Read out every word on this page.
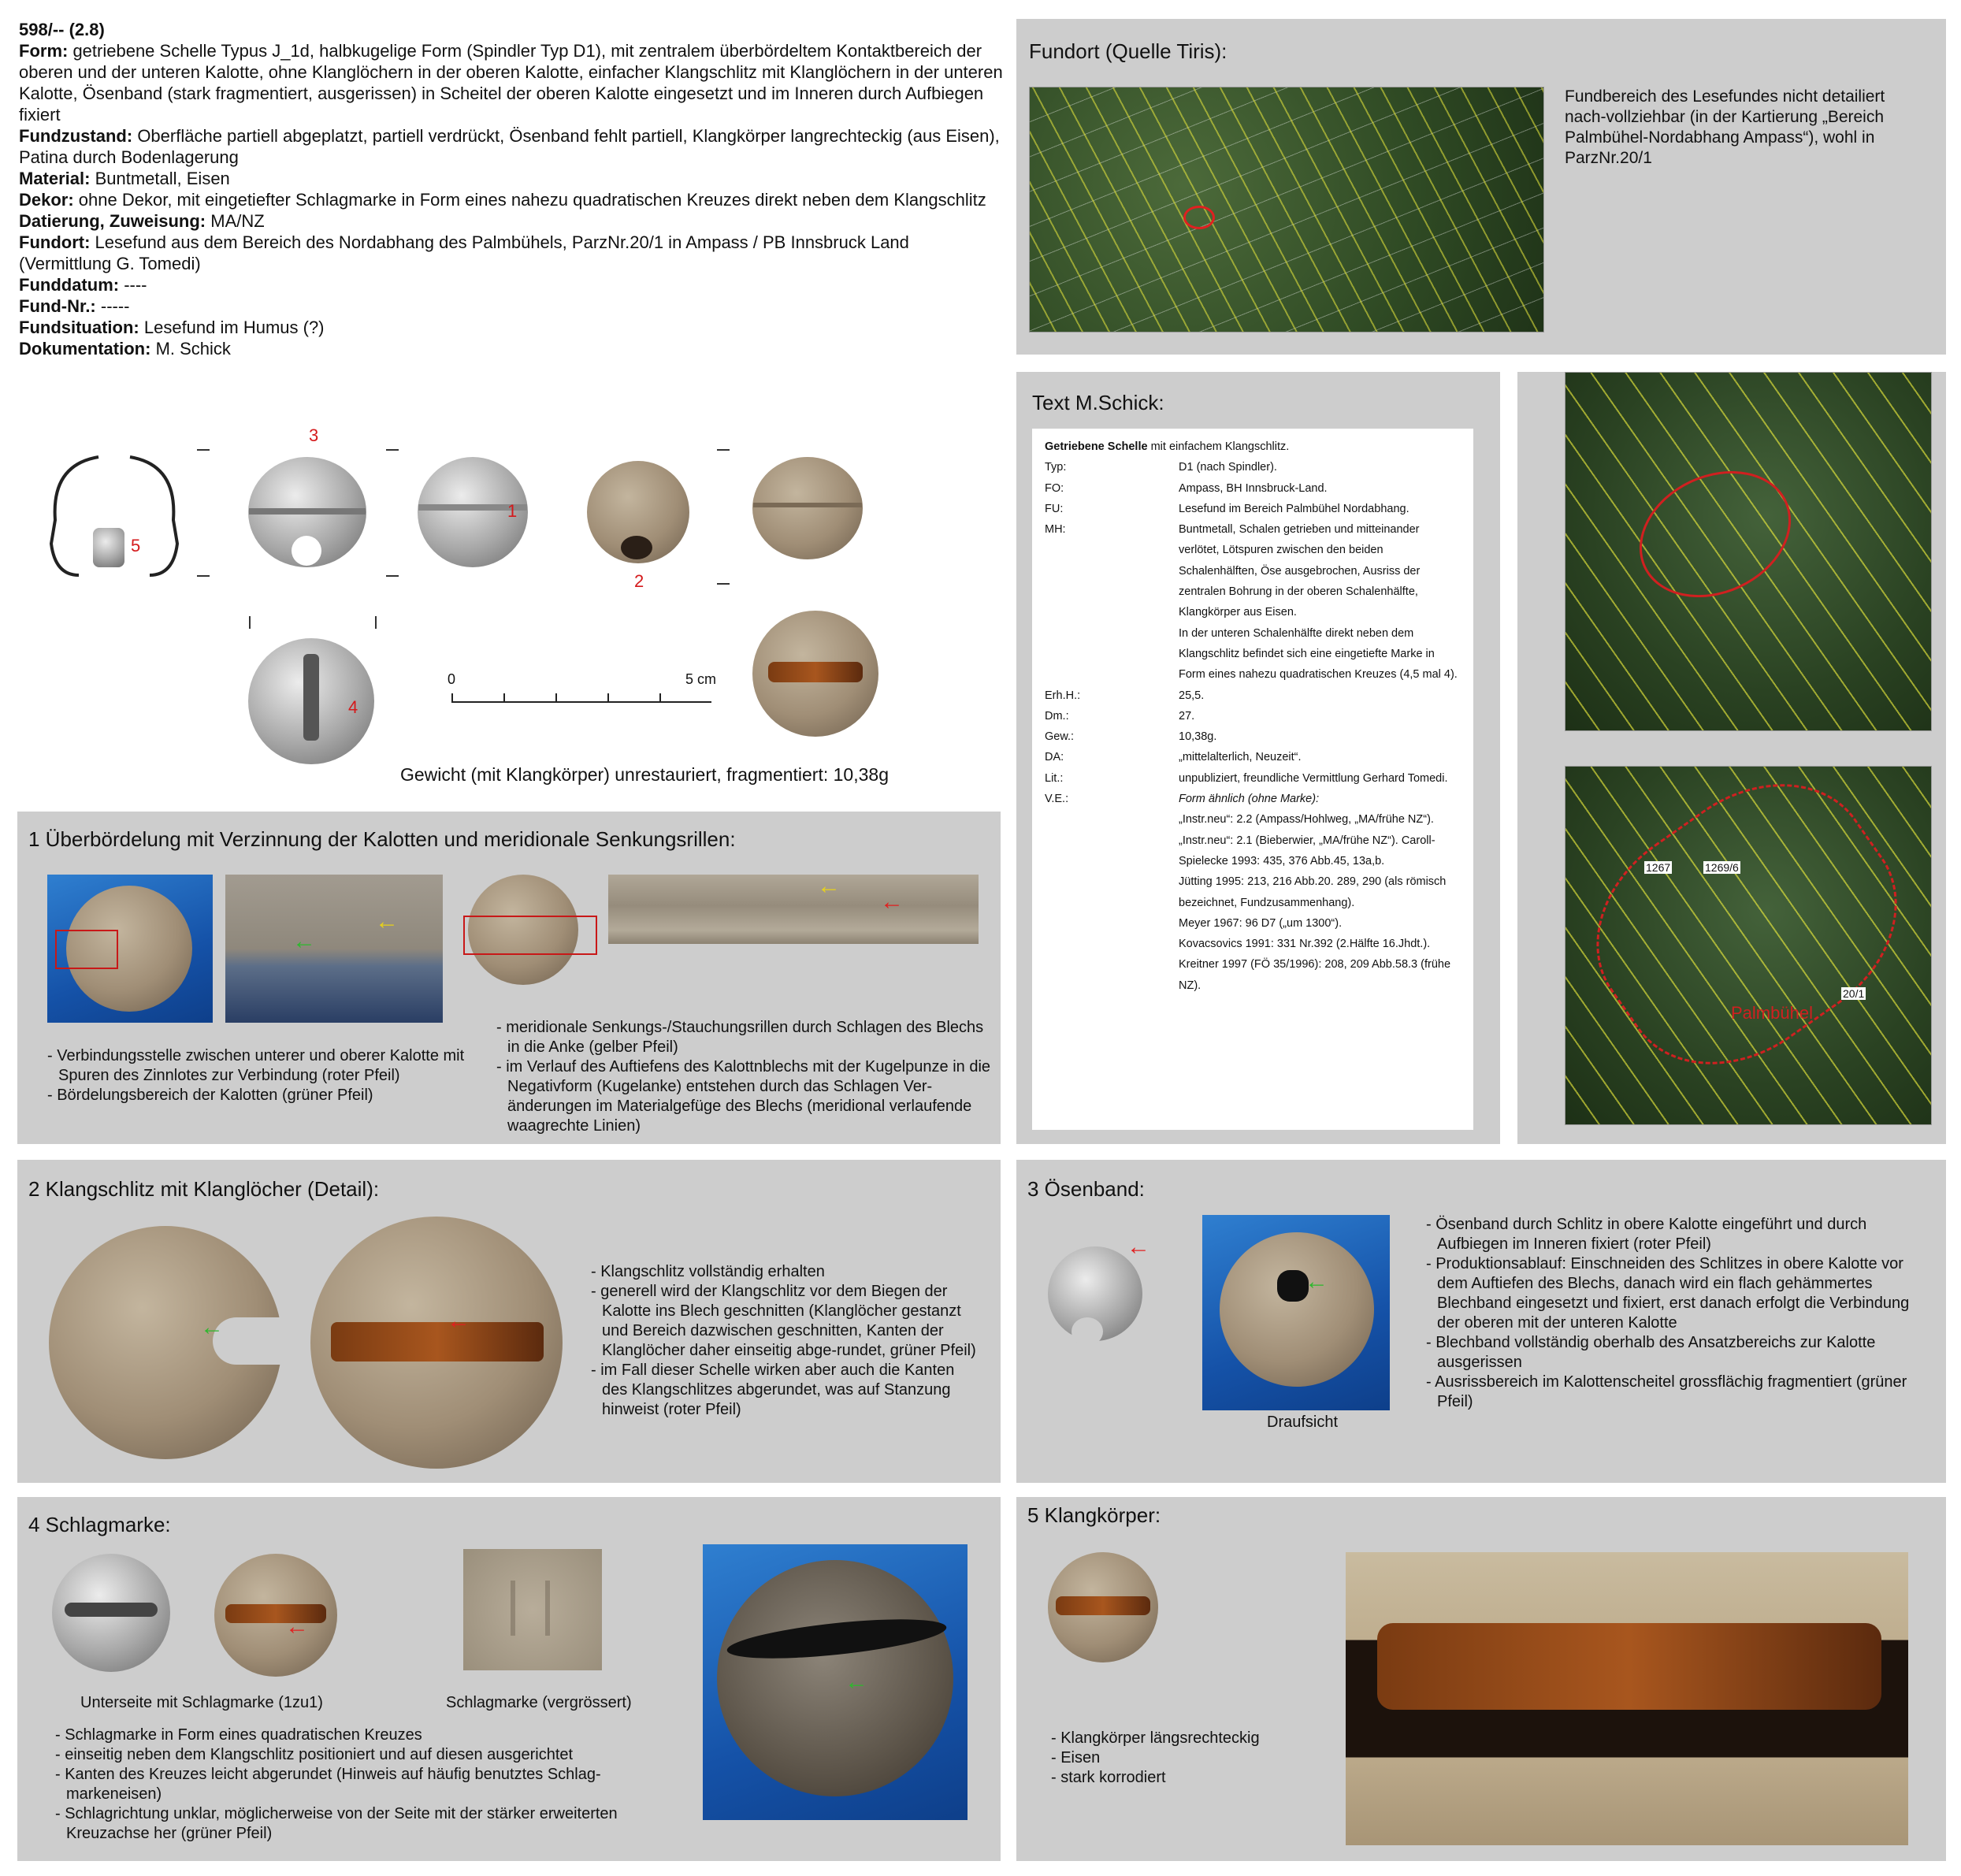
598/-- (2.8)
Form: getriebene Schelle Typus J_1d, halbkugelige Form (Spindler Typ D1), mit zentralem überbördeltem Kontaktbereich der oberen und der unteren Kalotte, ohne Klanglöchern in der oberen Kalotte, einfacher Klangschlitz mit Klanglöchern in der unteren Kalotte, Ösenband (stark fragmentiert, ausgerissen) in Scheitel der oberen Kalotte eingesetzt und im Inneren durch Aufbiegen fixiert
Fundzustand: Oberfläche partiell abgeplatzt, partiell verdrückt, Ösenband fehlt partiell, Klangkörper langrechteckig (aus Eisen), Patina durch Bodenlagerung
Material: Buntmetall, Eisen
Dekor: ohne Dekor, mit eingetiefter Schlagmarke in Form eines nahezu quadratischen Kreuzes direkt neben dem Klangschlitz
Datierung, Zuweisung: MA/NZ
Fundort: Lesefund aus dem Bereich des Nordabhang des Palmbühels, ParzNr.20/1 in Ampass / PB Innsbruck Land (Vermittlung G. Tomedi)
Funddatum: ----
Fund-Nr.: -----
Fundsituation: Lesefund im Humus (?)
Dokumentation: M. Schick
5
3
1
2
4
0	5 cm
Gewicht (mit Klangkörper) unrestauriert, fragmentiert: 10,38g
Fundort (Quelle Tiris):
Fundbereich des Lesefundes nicht detailiert nach-vollziehbar (in der Kartierung „Bereich Palmbühel-Nordabhang Ampass“), wohl in ParzNr.20/1
Text M.Schick:
Getriebene Schelle mit einfachem Klangschlitz.
Typ:	D1 (nach Spindler).
FO:	Ampass, BH Innsbruck-Land.
FU:	Lesefund im Bereich Palmbühel Nordabhang.
MH:	Buntmetall, Schalen getrieben und mitteinander verlötet, Lötspuren zwischen den beiden Schalenhälften, Öse ausgebrochen, Ausriss der zentralen Bohrung in der oberen Schalenhälfte, Klangkörper aus Eisen.
In der unteren Schalenhälfte direkt neben dem Klangschlitz befindet sich eine eingetiefte Marke in Form eines nahezu quadratischen Kreuzes (4,5 mal 4).
Erh.H.:	25,5.
Dm.:	27.
Gew.:	10,38g.
DA:	„mittelalterlich, Neuzeit“.
Lit.:	unpubliziert, freundliche Vermittlung Gerhard Tomedi.
V.E.:	Form ähnlich (ohne Marke):
„Instr.neu“: 2.2 (Ampass/Hohlweg, „MA/frühe NZ“).
„Instr.neu“: 2.1 (Bieberwier, „MA/frühe NZ“). Caroll-Spielecke 1993: 435, 376 Abb.45, 13a,b.
Jütting 1995: 213, 216 Abb.20. 289, 290 (als römisch bezeichnet, Fundzusammenhang).
Meyer 1967: 96 D7 („um 1300“).
Kovacsovics 1991: 331 Nr.392 (2.Hälfte 16.Jhdt.).
Kreitner 1997 (FÖ 35/1996): 208, 209 Abb.58.3 (frühe NZ).
20/1
1267	1269/6
Palmbühel
1 Überbördelung mit Verzinnung der Kalotten und meridionale Senkungsrillen:
←
←
←
←
- Verbindungsstelle zwischen unterer und oberer Kalotte mit Spuren des Zinnlotes zur Verbindung (roter Pfeil)
- Bördelungsbereich der Kalotten (grüner Pfeil)
- meridionale Senkungs-/Stauchungsrillen durch Schlagen des Blechs in die Anke (gelber Pfeil)
- im Verlauf des Auftiefens des Kalottnblechs mit der Kugelpunze in die Negativform (Kugelanke) entstehen durch das Schlagen Ver-änderungen im Materialgefüge des Blechs (meridional verlaufende waagrechte Linien)
2 Klangschlitz mit Klanglöcher (Detail):
←	←
- Klangschlitz vollständig erhalten
- generell wird der Klangschlitz vor dem Biegen der Kalotte ins Blech geschnitten (Klanglöcher gestanzt und Bereich dazwischen geschnitten, Kanten der Klanglöcher daher einseitig abge-rundet, grüner Pfeil)
- im Fall dieser Schelle wirken aber auch die Kanten des Klangschlitzes abgerundet, was auf Stanzung hinweist (roter Pfeil)
3 Ösenband:
←
←
Draufsicht
- Ösenband durch Schlitz in obere Kalotte eingeführt und durch Aufbiegen im Inneren fixiert (roter Pfeil)
- Produktionsablauf: Einschneiden des Schlitzes in obere Kalotte vor dem Auftiefen des Blechs, danach wird ein flach gehämmertes Blechband eingesetzt und fixiert, erst danach erfolgt die Verbindung der oberen mit der unteren Kalotte
- Blechband vollständig oberhalb des Ansatzbereichs zur Kalotte ausgerissen
- Ausrissbereich im Kalottenscheitel grossflächig fragmentiert (grüner Pfeil)
4 Schlagmarke:
←
Unterseite mit Schlagmarke (1zu1)	Schlagmarke (vergrössert)
←
- Schlagmarke in Form eines quadratischen Kreuzes
- einseitig neben dem Klangschlitz positioniert und auf diesen ausgerichtet
- Kanten des Kreuzes leicht abgerundet (Hinweis auf häufig benutztes Schlag-markeneisen)
- Schlagrichtung unklar, möglicherweise von der Seite mit der stärker erweiterten Kreuzachse her (grüner Pfeil)
5 Klangkörper:
- Klangkörper längsrechteckig
- Eisen
- stark korrodiert
